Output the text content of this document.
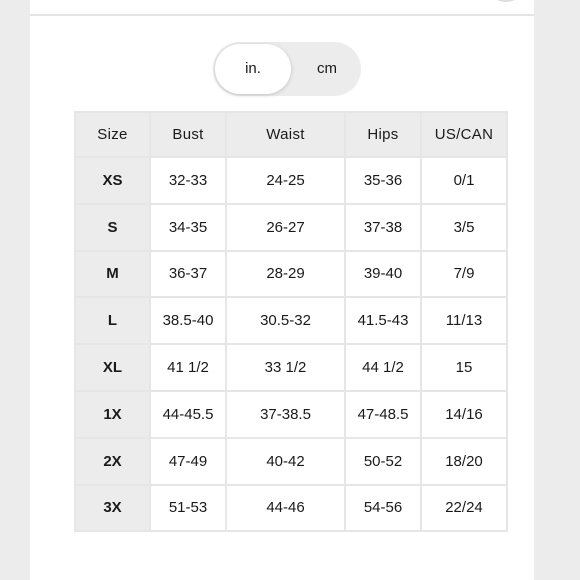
in.	cm
Size	Bust	Waist	Hips	US/CAN
XS	32-33	24-25	35-36	0/1
S	34-35	26-27	37-38	3/5
M	36-37	28-29	39-40	7/9
L	38.5-40	30.5-32	41.5-43	11/13
XL	41 1/2	33 1/2	44 1/2	15
1X	44-45.5	37-38.5	47-48.5	14/16
2X	47-49	40-42	50-52	18/20
3X	51-53	44-46	54-56	22/24
